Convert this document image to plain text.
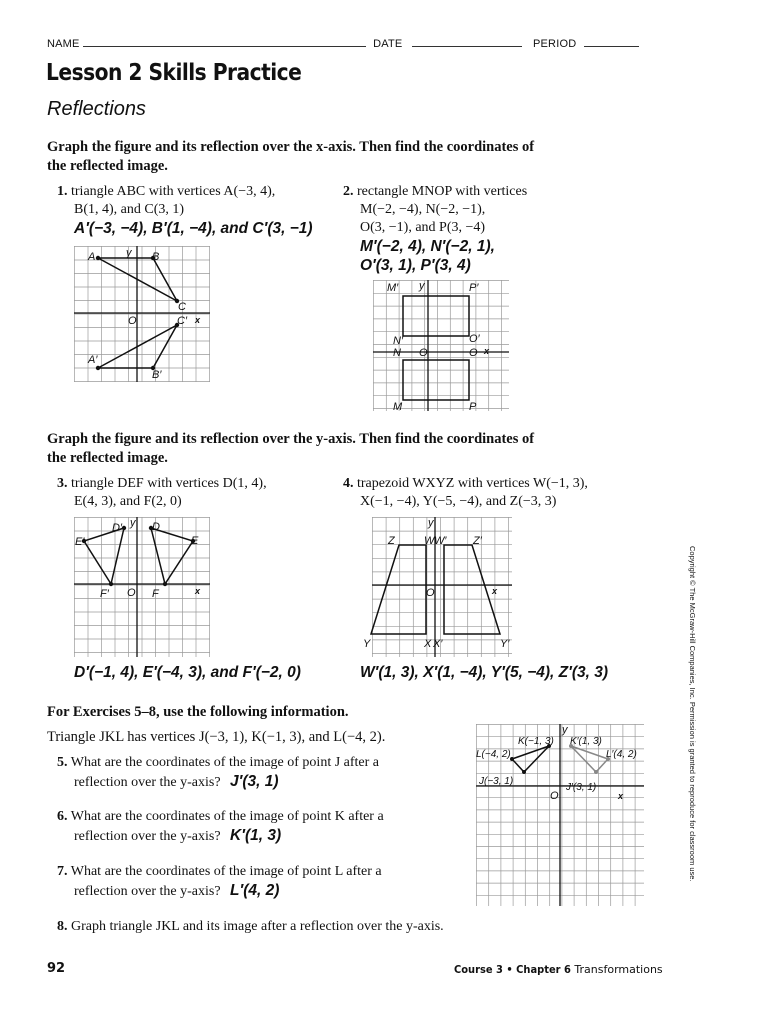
NAME	DATE	PERIOD
Lesson 2 Skills Practice
Reflections
Graph the figure and its reflection over the x-axis. Then find the coordinates of the reflected image.
1. triangle ABC with vertices A(−3, 4),
B(1, 4), and C(3, 1)
A′(−3, −4), B′(1, −4), and C′(3, −1)
2. rectangle MNOP with vertices
M(−2, −4), N(−2, −1),
O(3, −1), and P(3, −4)
M′(−2, 4), N′(−2, 1),
O′(3, 1), P′(3, 4)
A	y B
C
O	C′ x
A′
B′
M′ y	P′
N′	O′
N O	O x
M	P
Graph the figure and its reflection over the y-axis. Then find the coordinates of the reflected image.
3. triangle DEF with vertices D(1, 4),
E(4, 3), and F(2, 0)
4. trapezoid WXYZ with vertices W(−1, 3),
X(−1, −4), Y(−5, −4), and Z(−3, 3)
D′ y D
E′	E
F′ O F	x
D′(−1, 4), E′(−4, 3), and F′(−2, 0)
Z
y
W W′ Z′
O	x
Y	X X′	Y′
W′(1, 3), X′(1, −4), Y′(5, −4), Z′(3, 3)
For Exercises 5–8, use the following information.
Triangle JKL has vertices J(−3, 1), K(−1, 3), and L(−4, 2).
5. What are the coordinates of the image of point J after a
reflection over the y-axis? J′(3, 1)
6. What are the coordinates of the image of point K after a
reflection over the y-axis? K′(1, 3)
7. What are the coordinates of the image of point L after a
reflection over the y-axis? L′(4, 2)
8. Graph triangle JKL and its image after a reflection over the y-axis.
y
K(−1, 3) K′(1, 3)
L(−4, 2)	L′(4, 2)
J(−3, 1)
J′(3, 1)
O	x
92	Course 3 • Chapter 6 Transformations
Copyright © The McGraw-Hill Companies, Inc. Permission is granted to reproduce for classroom use.
